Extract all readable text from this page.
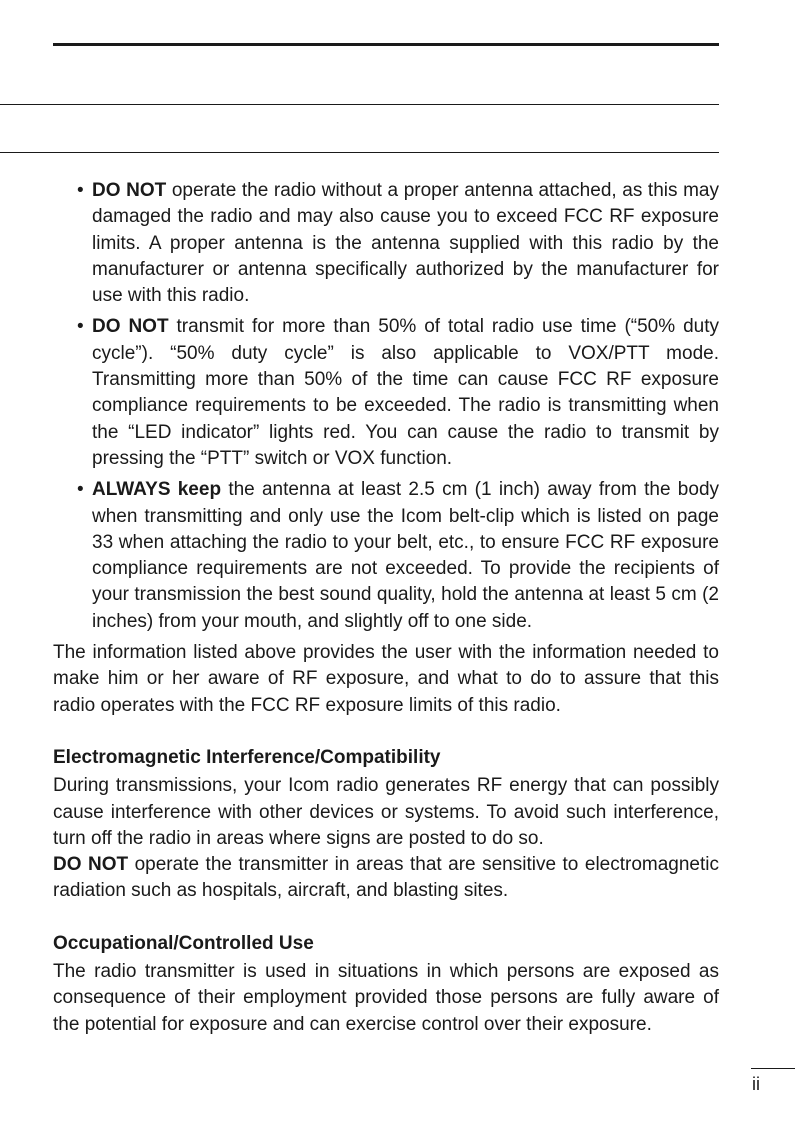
• DO NOT operate the radio without a proper antenna attached, as this may damaged the radio and may also cause you to exceed FCC RF exposure limits. A proper antenna is the antenna supplied with this radio by the manufacturer or antenna specifically authorized by the manufacturer for use with this radio.
• DO NOT transmit for more than 50% of total radio use time (“50% duty cycle”). “50% duty cycle” is also applicable to VOX/PTT mode. Transmitting more than 50% of the time can cause FCC RF exposure compliance requirements to be exceeded. The radio is transmitting when the “LED indicator” lights red. You can cause the radio to transmit by pressing the “PTT” switch or VOX function.
• ALWAYS keep the antenna at least 2.5 cm (1 inch) away from the body when transmitting and only use the Icom belt-clip which is listed on page 33 when attaching the radio to your belt, etc., to ensure FCC RF exposure compliance requirements are not exceeded. To provide the recipients of your transmission the best sound quality, hold the antenna at least 5 cm (2 inches) from your mouth, and slightly off to one side.

The information listed above provides the user with the information needed to make him or her aware of RF exposure, and what to do to assure that this radio operates with the FCC RF exposure limits of this radio.

Electromagnetic Interference/Compatibility

During transmissions, your Icom radio generates RF energy that can possibly cause interference with other devices or systems. To avoid such interference, turn off the radio in areas where signs are posted to do so.
DO NOT operate the transmitter in areas that are sensitive to electromagnetic radiation such as hospitals, aircraft, and blasting sites.

Occupational/Controlled Use

The radio transmitter is used in situations in which persons are exposed as consequence of their employment provided those persons are fully aware of the potential for exposure and can exercise control over their exposure.

ii
